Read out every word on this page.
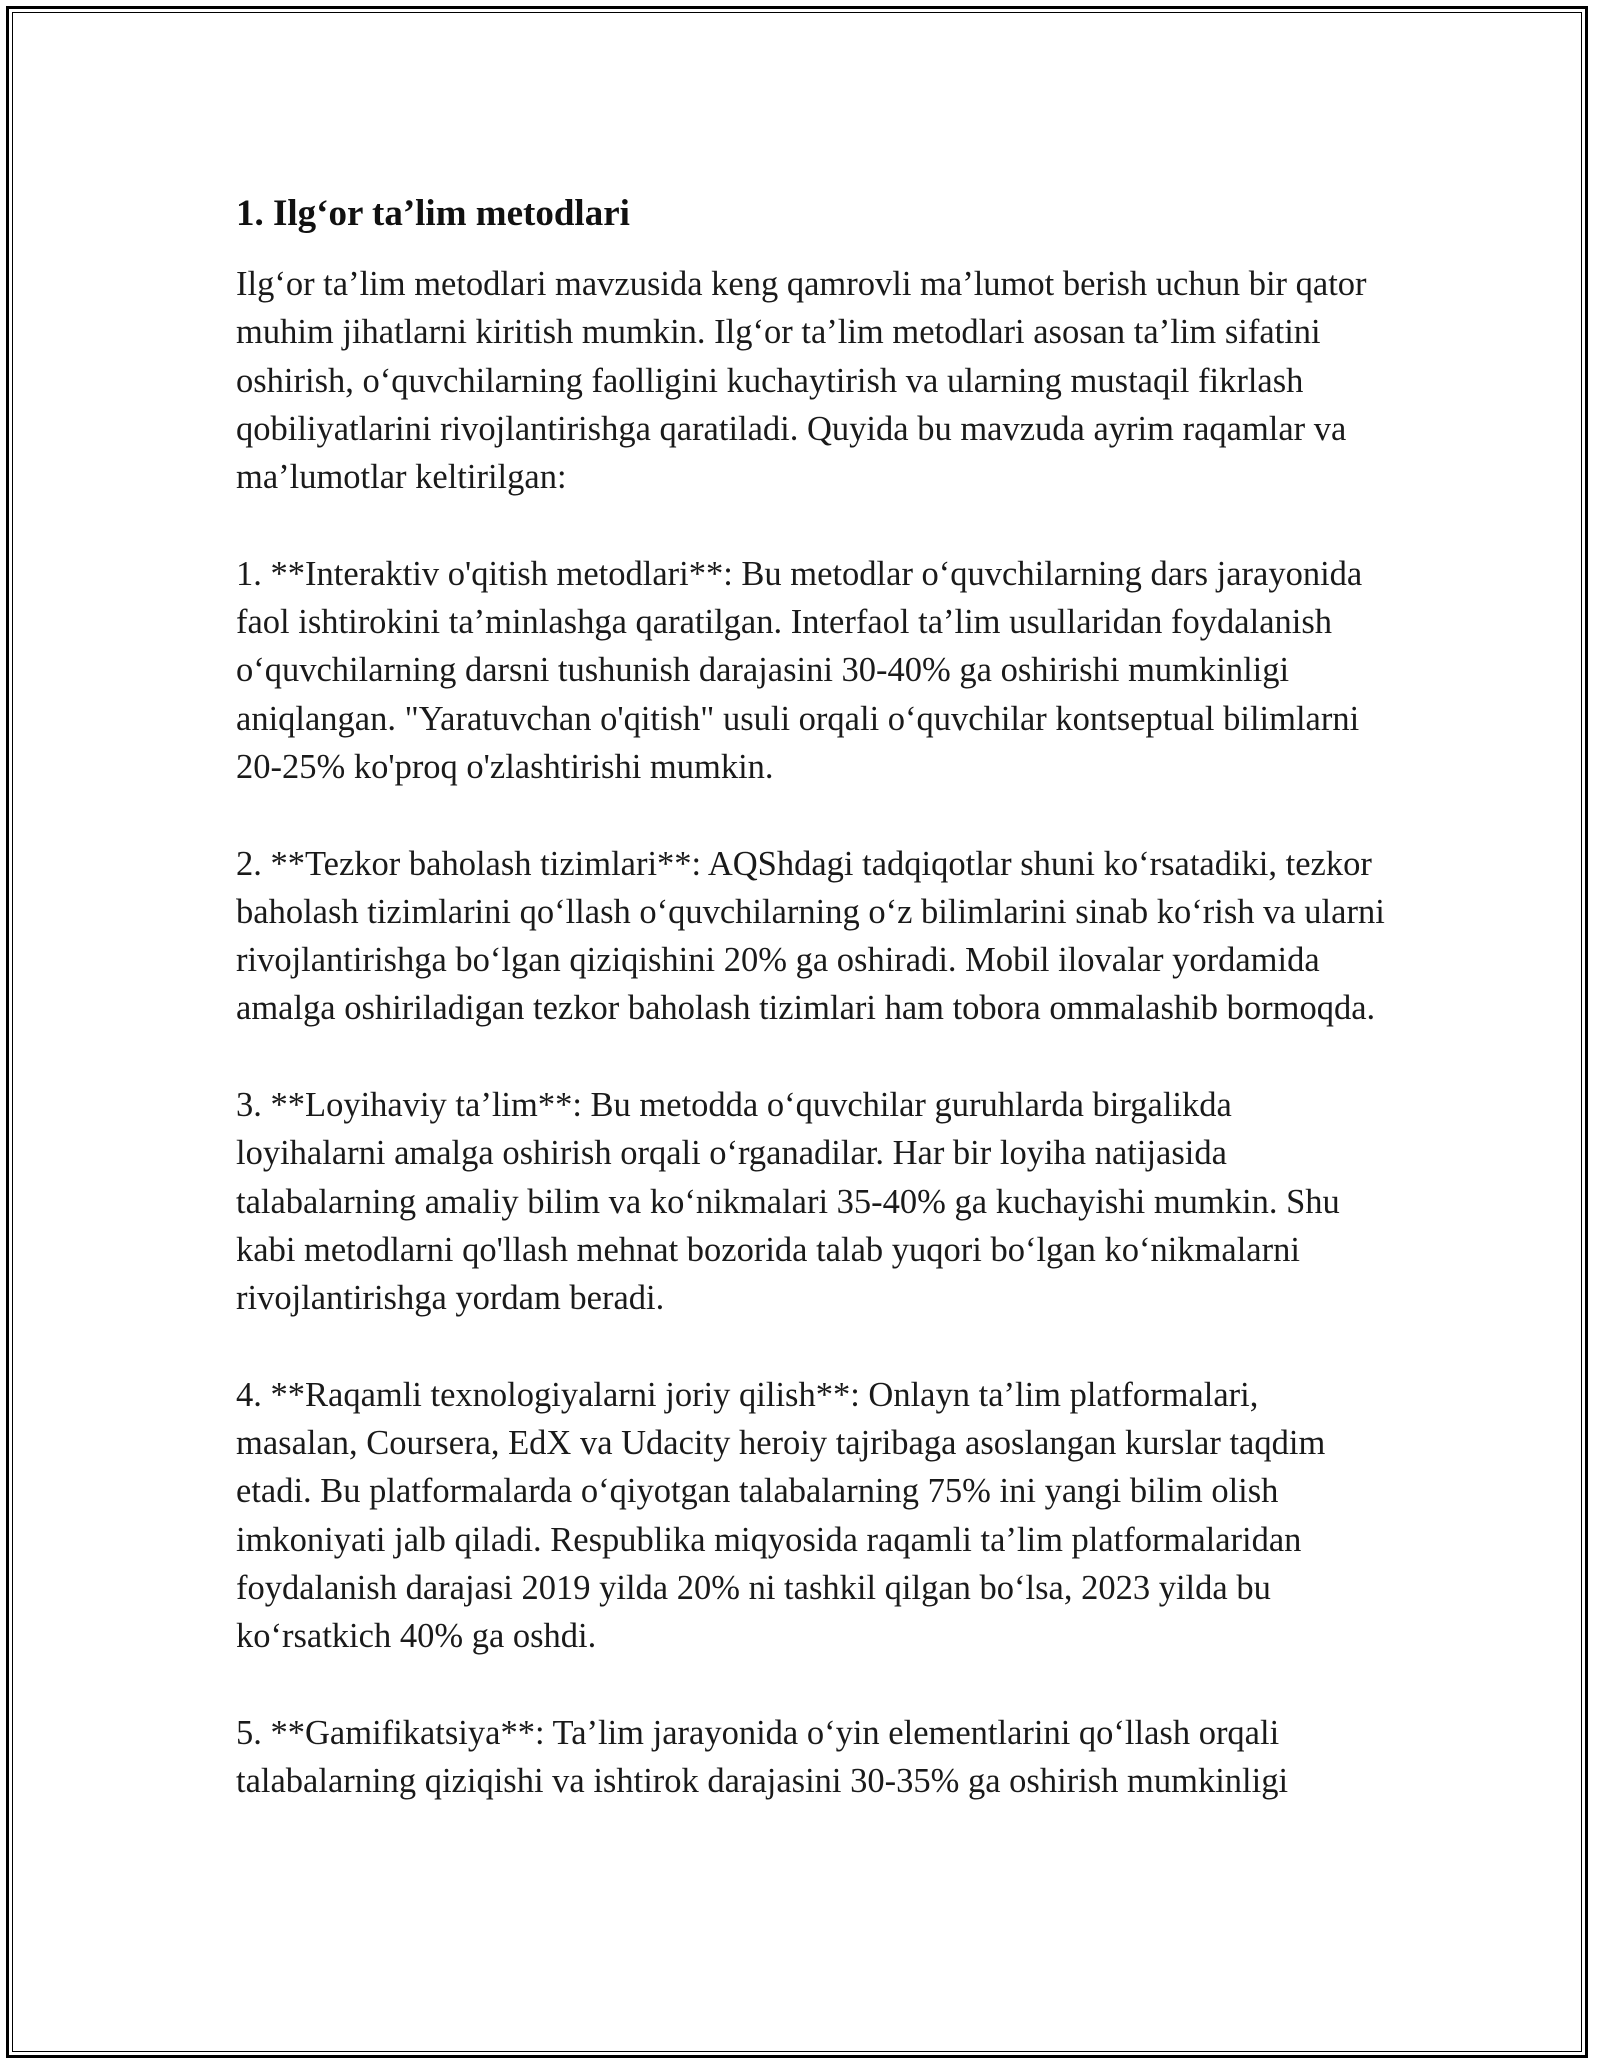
1. Ilg‘or ta’lim metodlari

Ilg‘or ta’lim metodlari mavzusida keng qamrovli ma’lumot berish uchun bir qator muhim jihatlarni kiritish mumkin. Ilg‘or ta’lim metodlari asosan ta’lim sifatini oshirish, o‘quvchilarning faolligini kuchaytirish va ularning mustaqil fikrlash qobiliyatlarini rivojlantirishga qaratiladi. Quyida bu mavzuda ayrim raqamlar va ma’lumotlar keltirilgan:

1. **Interaktiv o'qitish metodlari**: Bu metodlar o‘quvchilarning dars jarayonida faol ishtirokini ta’minlashga qaratilgan. Interfaol ta’lim usullaridan foydalanish o‘quvchilarning darsni tushunish darajasini 30-40% ga oshirishi mumkinligi aniqlangan. "Yaratuvchan o'qitish" usuli orqali o‘quvchilar kontseptual bilimlarni 20-25% ko'proq o'zlashtirishi mumkin.

2. **Tezkor baholash tizimlari**: AQShdagi tadqiqotlar shuni ko‘rsatadiki, tezkor baholash tizimlarini qo‘llash o‘quvchilarning o‘z bilimlarini sinab ko‘rish va ularni rivojlantirishga bo‘lgan qiziqishini 20% ga oshiradi. Mobil ilovalar yordamida amalga oshiriladigan tezkor baholash tizimlari ham tobora ommalashib bormoqda.

3. **Loyihaviy ta’lim**: Bu metodda o‘quvchilar guruhlarda birgalikda loyihalarni amalga oshirish orqali o‘rganadilar. Har bir loyiha natijasida talabalarning amaliy bilim va ko‘nikmalari 35-40% ga kuchayishi mumkin. Shu kabi metodlarni qo'llash mehnat bozorida talab yuqori bo‘lgan ko‘nikmalarni rivojlantirishga yordam beradi.

4. **Raqamli texnologiyalarni joriy qilish**: Onlayn ta’lim platformalari, masalan, Coursera, EdX va Udacity heroiy tajribaga asoslangan kurslar taqdim etadi. Bu platformalarda o‘qiyotgan talabalarning 75% ini yangi bilim olish imkoniyati jalb qiladi. Respublika miqyosida raqamli ta’lim platformalaridan foydalanish darajasi 2019 yilda 20% ni tashkil qilgan bo‘lsa, 2023 yilda bu ko‘rsatkich 40% ga oshdi.

5. **Gamifikatsiya**: Ta’lim jarayonida o‘yin elementlarini qo‘llash orqali talabalarning qiziqishi va ishtirok darajasini 30-35% ga oshirish mumkinligi
